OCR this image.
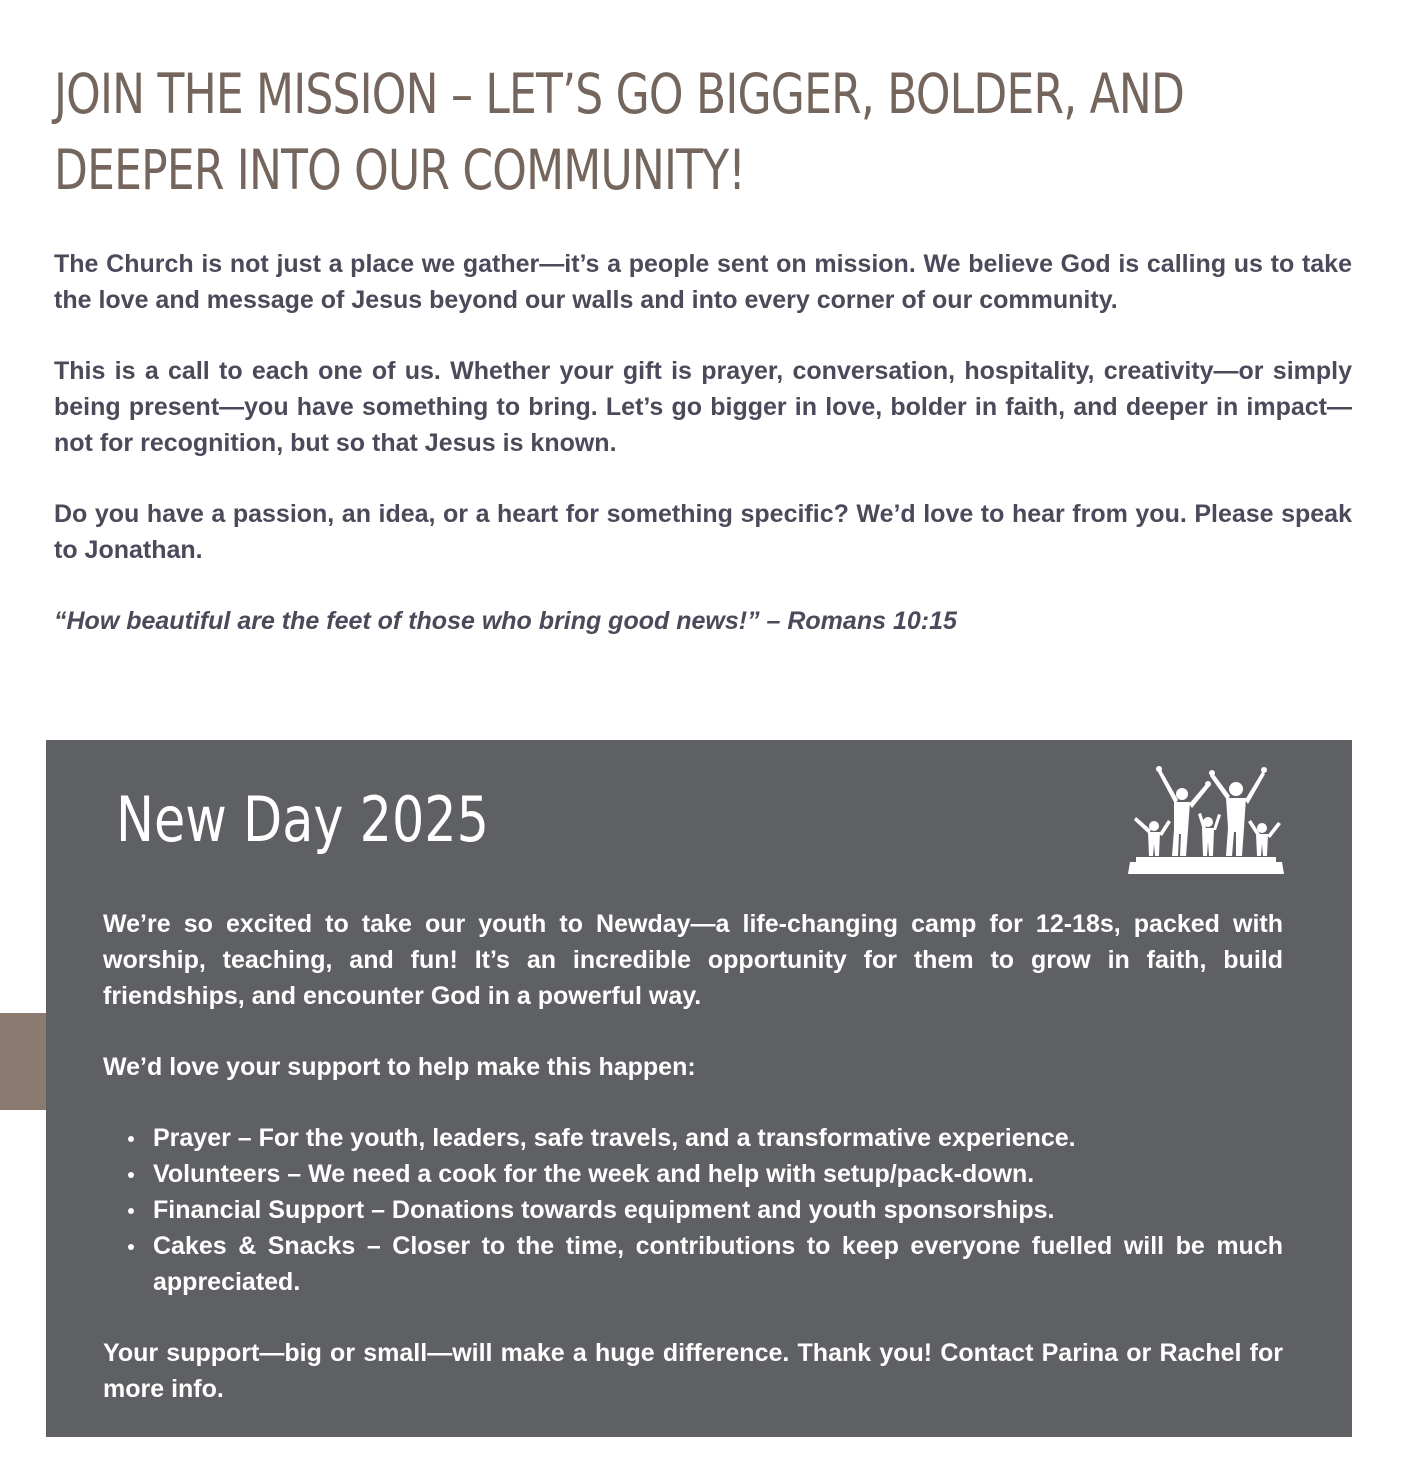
JOIN THE MISSION – LET’S GO BIGGER, BOLDER, AND DEEPER INTO OUR COMMUNITY!

The Church is not just a place we gather—it’s a people sent on mission. We believe God is calling us to take the love and message of Jesus beyond our walls and into every corner of our community.

This is a call to each one of us. Whether your gift is prayer, conversation, hospitality, creativity—or simply being present—you have something to bring. Let’s go bigger in love, bolder in faith, and deeper in impact—not for recognition, but so that Jesus is known.

Do you have a passion, an idea, or a heart for something specific? We’d love to hear from you. Please speak to Jonathan.

“How beautiful are the feet of those who bring good news!” – Romans 10:15

New Day 2025

We’re so excited to take our youth to Newday—a life-changing camp for 12-18s, packed with worship, teaching, and fun! It’s an incredible opportunity for them to grow in faith, build friendships, and encounter God in a powerful way.

We’d love your support to help make this happen:

Prayer – For the youth, leaders, safe travels, and a transformative experience.
Volunteers – We need a cook for the week and help with setup/pack-down.
Financial Support – Donations towards equipment and youth sponsorships.
Cakes & Snacks – Closer to the time, contributions to keep everyone fuelled will be much appreciated.

Your support—big or small—will make a huge difference. Thank you! Contact Parina or Rachel for more info.
